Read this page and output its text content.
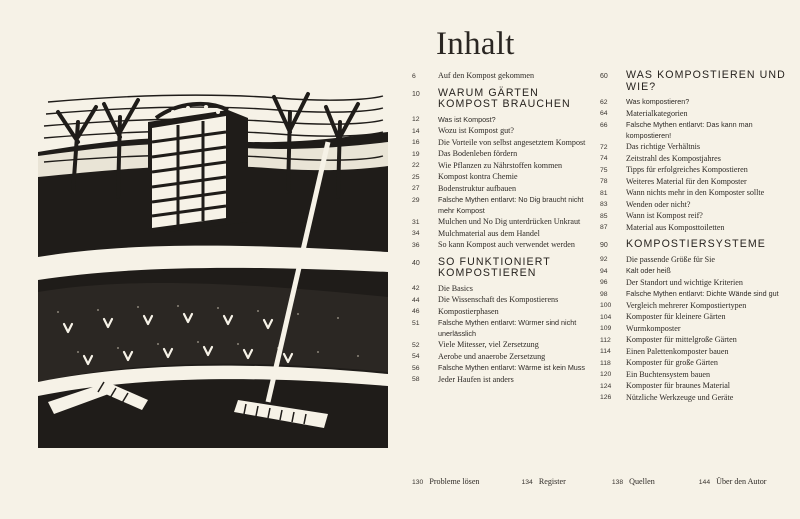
Inhalt
6	Auf den Kompost gekommen
10	WARUM GÄRTEN KOMPOST BRAUCHEN
12	Was ist Kompost?
14	Wozu ist Kompost gut?
16	Die Vorteile von selbst angesetztem Kompost
19	Das Bodenleben fördern
22	Wie Pflanzen zu Nährstoffen kommen
25	Kompost kontra Chemie
27	Bodenstruktur aufbauen
29	Falsche Mythen entlarvt: No Dig braucht nicht mehr Kompost
31	Mulchen und No Dig unterdrücken Unkraut
34	Mulchmaterial aus dem Handel
36	So kann Kompost auch verwendet werden
40	SO FUNKTIONIERT KOMPOSTIEREN
42	Die Basics
44	Die Wissenschaft des Kompostierens
46	Kompostierphasen
51	Falsche Mythen entlarvt: Würmer sind nicht unerlässlich
52	Viele Mitesser, viel Zersetzung
54	Aerobe und anaerobe Zersetzung
56	Falsche Mythen entlarvt: Wärme ist kein Muss
58	Jeder Haufen ist anders
60	WAS KOMPOSTIEREN UND WIE?
62	Was kompostieren?
64	Materialkategorien
66	Falsche Mythen entlarvt: Das kann man kompostieren!
72	Das richtige Verhältnis
74	Zeitstrahl des Kompostjahres
75	Tipps für erfolgreiches Kompostieren
78	Weiteres Material für den Komposter
81	Wann nichts mehr in den Komposter sollte
83	Wenden oder nicht?
85	Wann ist Kompost reif?
87	Material aus Komposttoiletten
90	KOMPOSTIERSYSTEME
92	Die passende Größe für Sie
94	Kalt oder heiß
96	Der Standort und wichtige Kriterien
98	Falsche Mythen entlarvt: Dichte Wände sind gut
100	Vergleich mehrerer Kompostiertypen
104	Komposter für kleinere Gärten
109	Wurmkomposter
112	Komposter für mittelgroße Gärten
114	Einen Palettenkomposter bauen
118	Komposter für große Gärten
120	Ein Buchtensystem bauen
124	Komposter für braunes Material
126	Nützliche Werkzeuge und Geräte
130 Probleme lösen	134 Register	138 Quellen	144 Über den Autor
